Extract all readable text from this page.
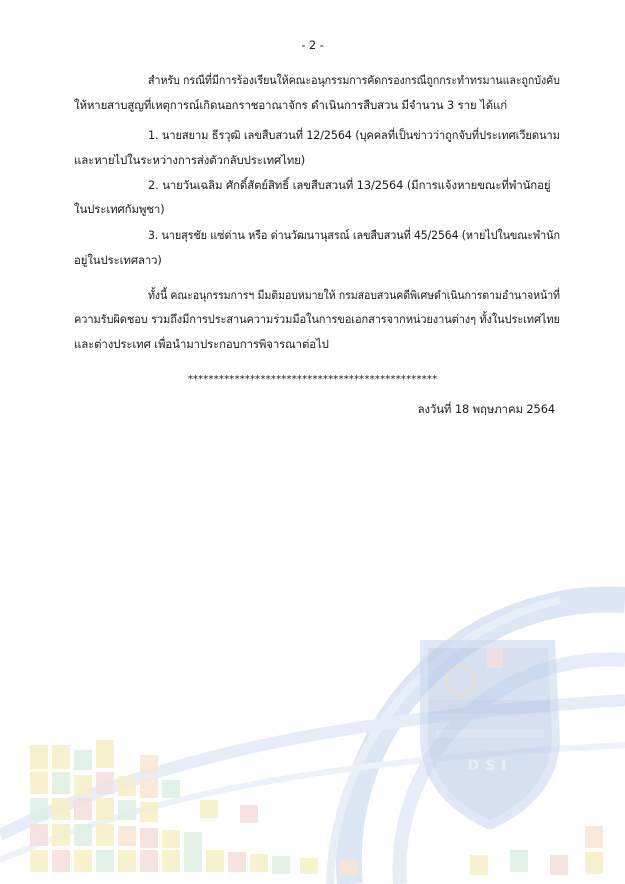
DSI
- 2 -
สำหรับ กรณีที่มีการร้องเรียนให้คณะอนุกรรมการคัดกรองกรณีถูกกระทำทรมานและถูกบังคับ
ให้หายสาบสูญที่เหตุการณ์เกิดนอกราชอาณาจักร ดำเนินการสืบสวน มีจำนวน 3 ราย ได้แก่
1. นายสยาม ธีรวุฒิ เลขสืบสวนที่ 12/2564 (บุคคลที่เป็นข่าวว่าถูกจับที่ประเทศเวียดนาม
และหายไปในระหว่างการส่งตัวกลับประเทศไทย)
2. นายวันเฉลิม ศักดิ์สัตย์สิทธิ์ เลขสืบสวนที่ 13/2564 (มีการแจ้งหายขณะที่พำนักอยู่
ในประเทศกัมพูชา)
3. นายสุรชัย แซ่ด่าน หรือ ด่านวัฒนานุสรณ์ เลขสืบสวนที่ 45/2564 (หายไปในขณะพำนัก
อยู่ในประเทศลาว)
ทั้งนี้ คณะอนุกรรมการฯ มีมติมอบหมายให้ กรมสอบสวนคดีพิเศษดำเนินการตามอำนาจหน้าที่
ความรับผิดชอบ รวมถึงมีการประสานความร่วมมือในการขอเอกสารจากหน่วยงานต่างๆ ทั้งในประเทศไทย
และต่างประเทศ เพื่อนำมาประกอบการพิจารณาต่อไป
************************************************
ลงวันที่ 18 พฤษภาคม 2564
